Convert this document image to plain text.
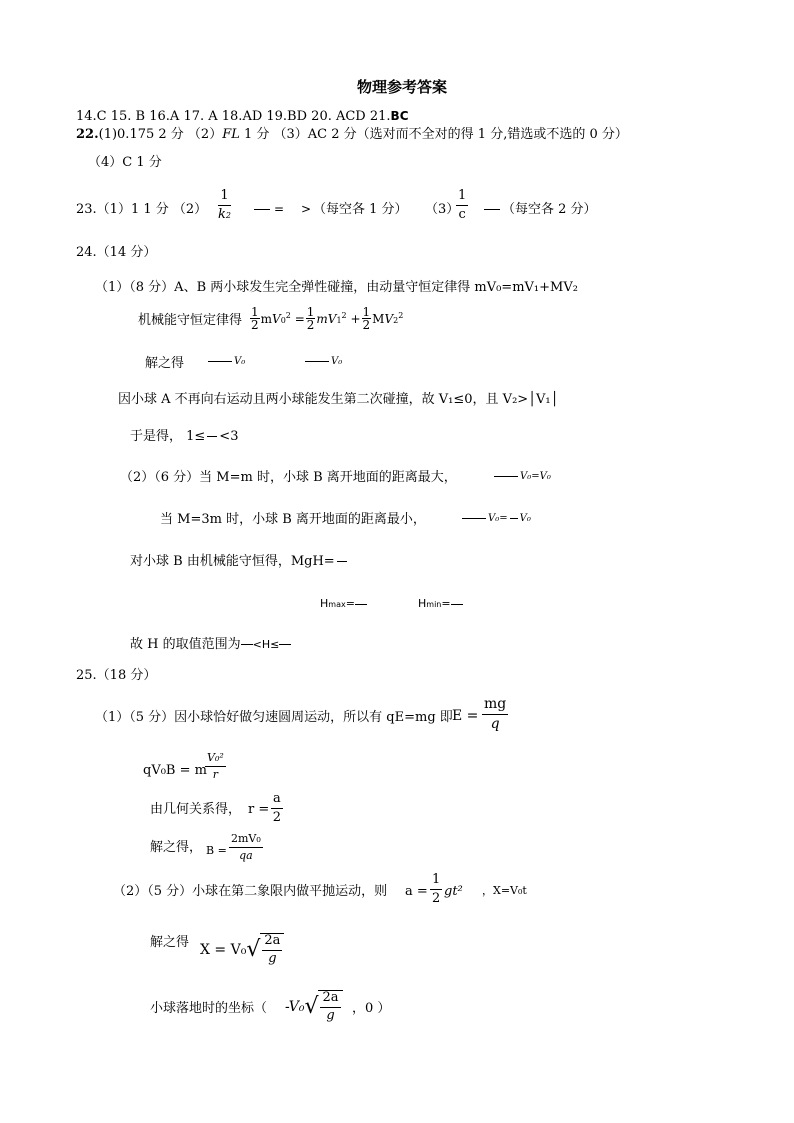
物理参考答案
14.C 15. B 16.A 17. A 18.AD 19.BD 20. ACD 21.BC
22.(1)0.175 2 分 （2）FL 1 分 （3）AC 2 分（选对而不全对的得 1 分,错选或不选的 0 分）
（4）C 1 分
23.（1）1 1 分 $(2) \frac{1}{k2}$	= > （每空各 1 分） （3）
$\frac{1}{c}$	（每空各 2 分）
24.（14 分）
（1）（8 分）A、B 两小球发生完全弹性碰撞，由动量守恒定律得 mV₀=mV₁+MV₂
机械能守恒定律得
1
2 $mV0^2 = \frac{1}{2} mV1^2 + \frac{1}{2} MV2^2$
解之得	V₀	V₀
因小球 A 不再向右运动且两小球能发生第二次碰撞，故 V₁≤0，且 V₂>│V₁│
于是得， 1≤ <3
（2）（6 分）当 M=m 时，小球 B 离开地面的距离最大，	V₀=V₀
当 M=3m 时，小球 B 离开地面的距离最小，	V₀= V₀
对小球 B 由机械能守恒得，MgH=
Hmax=	Hmin=
故 H 的取值范围为 <H≤
25.（18 分）
（1）（5 分）因小球恰好做匀速圆周运动，所以有 qE=mg 即 $E = \frac{mg}{q}$
qV₀B = m
$\frac{\text{V₀²}}{r}$
由几何关系得， $r = \frac{a}{2}$
解之得， $B = \frac{\text{2mV₀}}{qa}$
（2）（5 分）小球在第二象限内做平抛运动，则 $a = \frac{1}{2} gt^2$ ，X=V₀t
解之得 X = V₀ √ 2a
g
小球落地时的坐标（ -V₀ √ 2a
g ，0 ）
